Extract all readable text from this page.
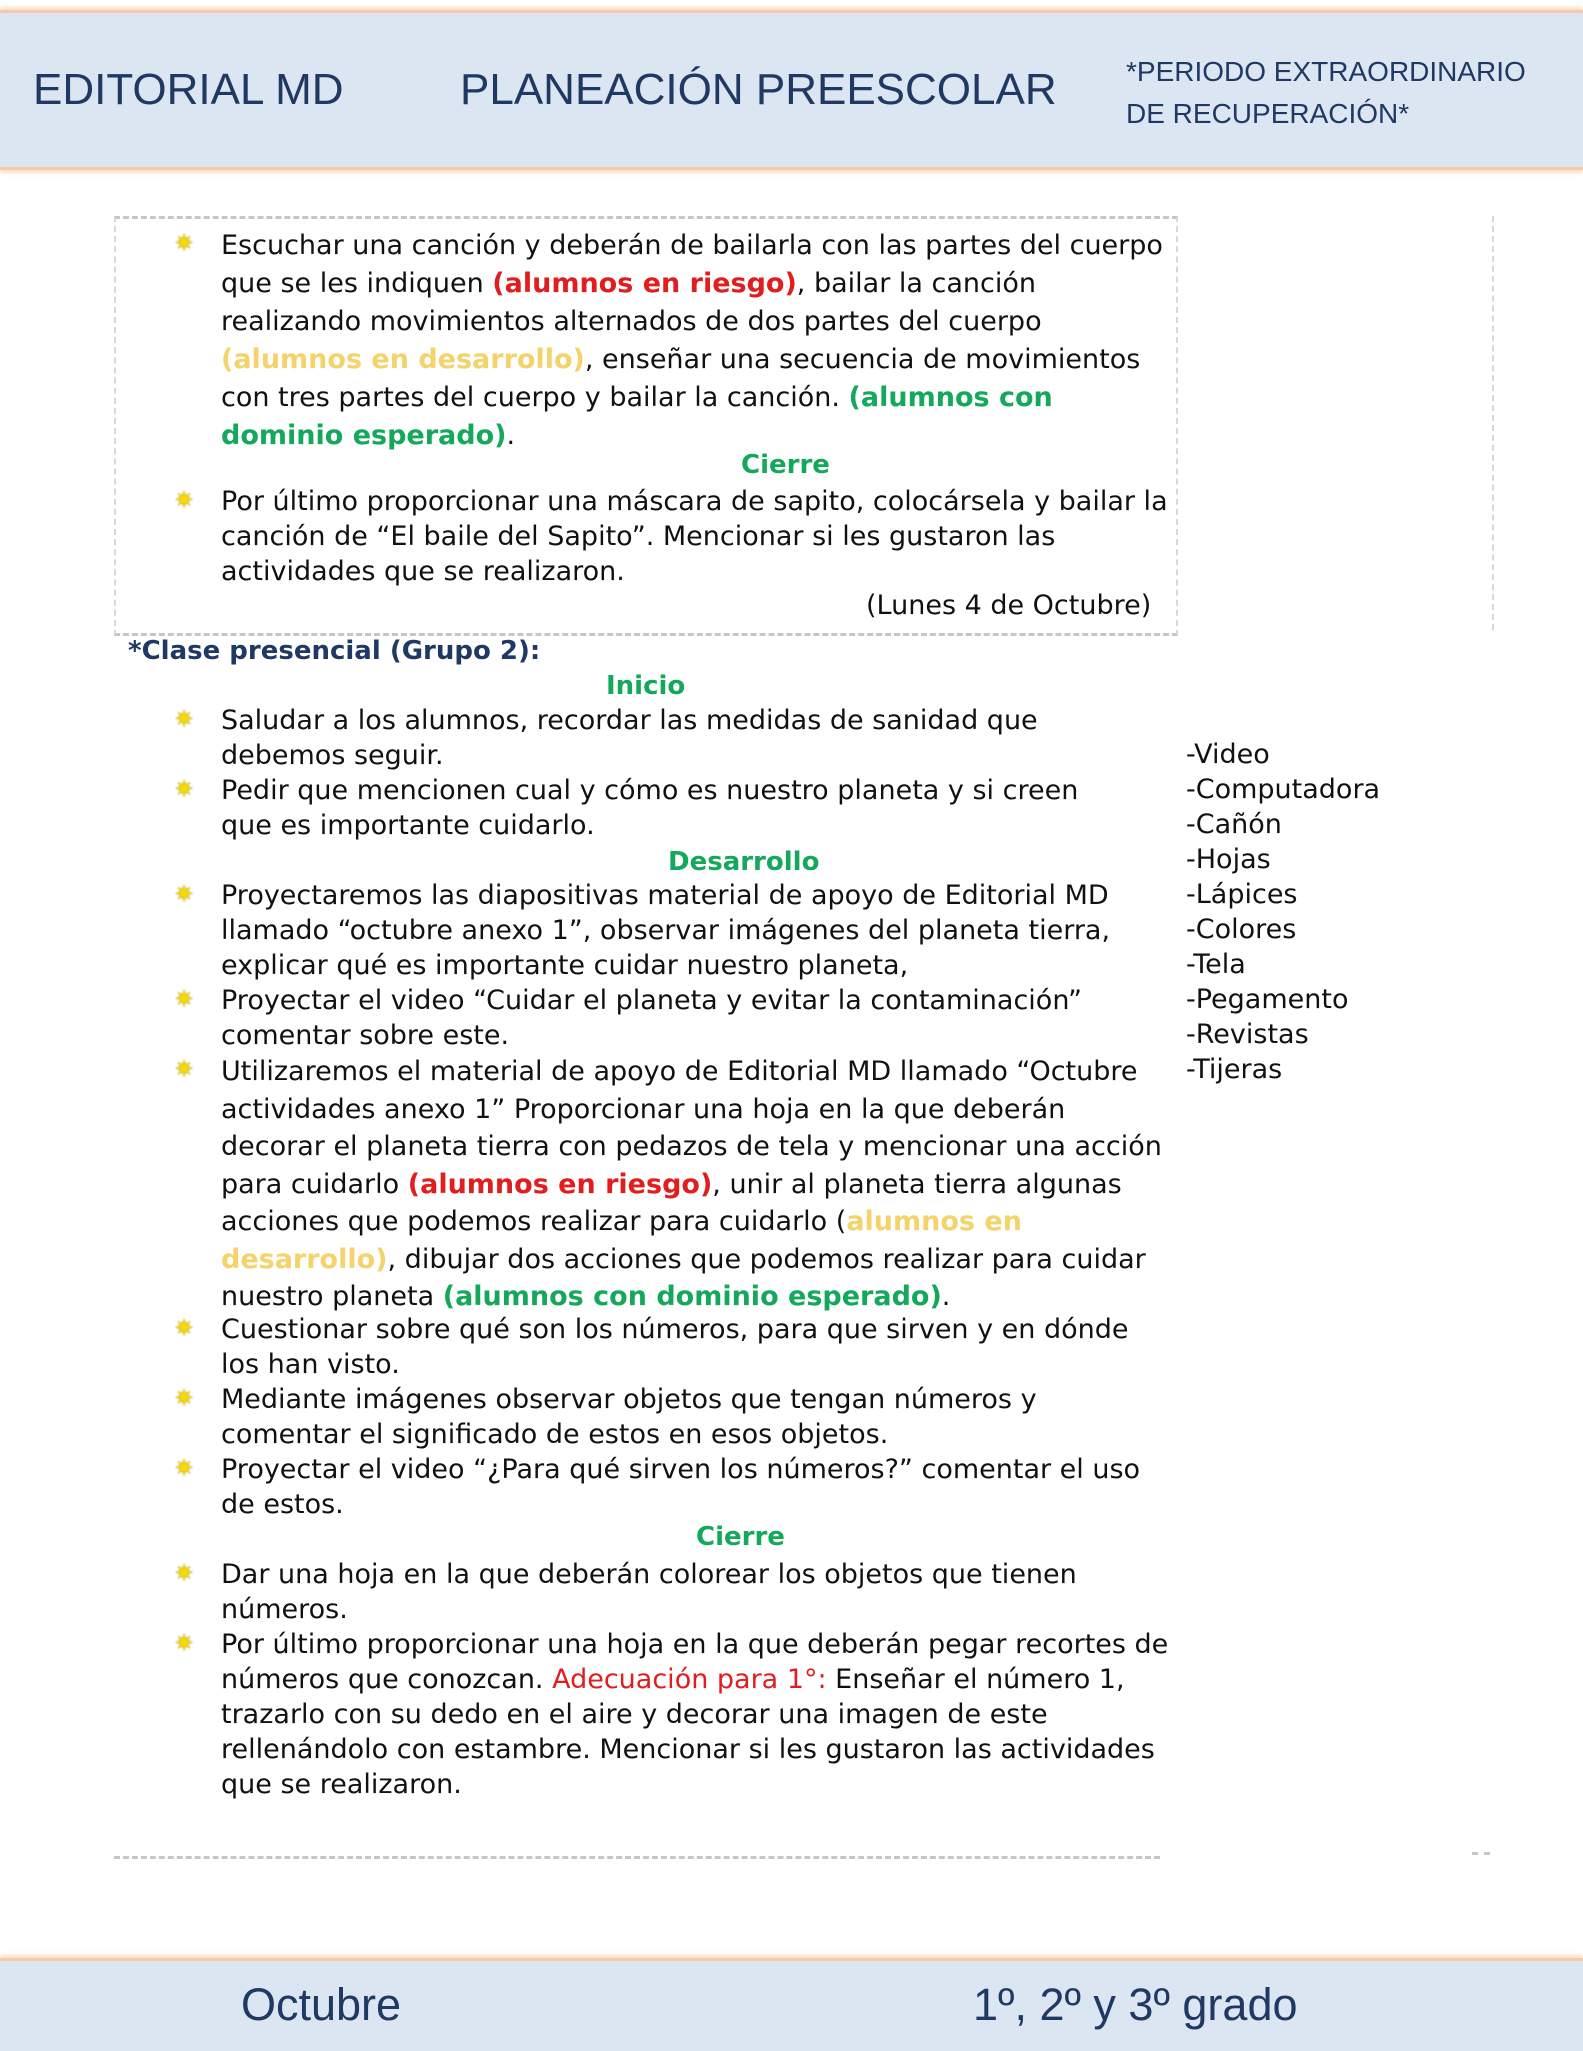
EDITORIAL MD	PLANEACIÓN PREESCOLAR *PERIODO EXTRAORDINARIO
DE RECUPERACIÓN*
✷ Escuchar una canción y deberán de bailarla con las partes del cuerpo que se les indiquen (alumnos en riesgo), bailar la canción realizando movimientos alternados de dos partes del cuerpo (alumnos en desarrollo), enseñar una secuencia de movimientos con tres partes del cuerpo y bailar la canción. (alumnos con dominio esperado).
Cierre
✷ Por último proporcionar una máscara de sapito, colocársela y bailar la canción de “El baile del Sapito”. Mencionar si les gustaron las actividades que se realizaron.
(Lunes 4 de Octubre)
*Clase presencial (Grupo 2):
Inicio
✷ Saludar a los alumnos, recordar las medidas de sanidad que debemos seguir.
✷ Pedir que mencionen cual y cómo es nuestro planeta y si creen que es importante cuidarlo.
Desarrollo
✷ Proyectaremos las diapositivas material de apoyo de Editorial MD llamado “octubre anexo 1”, observar imágenes del planeta tierra, explicar qué es importante cuidar nuestro planeta,
✷ Proyectar el video “Cuidar el planeta y evitar la contaminación” comentar sobre este.
✷ Utilizaremos el material de apoyo de Editorial MD llamado “Octubre actividades anexo 1” Proporcionar una hoja en la que deberán decorar el planeta tierra con pedazos de tela y mencionar una acción para cuidarlo (alumnos en riesgo), unir al planeta tierra algunas acciones que podemos realizar para cuidarlo (alumnos en desarrollo), dibujar dos acciones que podemos realizar para cuidar nuestro planeta (alumnos con dominio esperado).
✷ Cuestionar sobre qué son los números, para que sirven y en dónde los han visto.
✷ Mediante imágenes observar objetos que tengan números y comentar el significado de estos en esos objetos.
✷ Proyectar el video “¿Para qué sirven los números?” comentar el uso de estos.
Cierre
✷ Dar una hoja en la que deberán colorear los objetos que tienen números.
✷ Por último proporcionar una hoja en la que deberán pegar recortes de números que conozcan. Adecuación para 1°: Enseñar el número 1, trazarlo con su dedo en el aire y decorar una imagen de este rellenándolo con estambre. Mencionar si les gustaron las actividades que se realizaron.
-Video
-Computadora
-Cañón
-Hojas
-Lápices
-Colores
-Tela
-Pegamento
-Revistas
-Tijeras
Octubre	1º, 2º y 3º grado
